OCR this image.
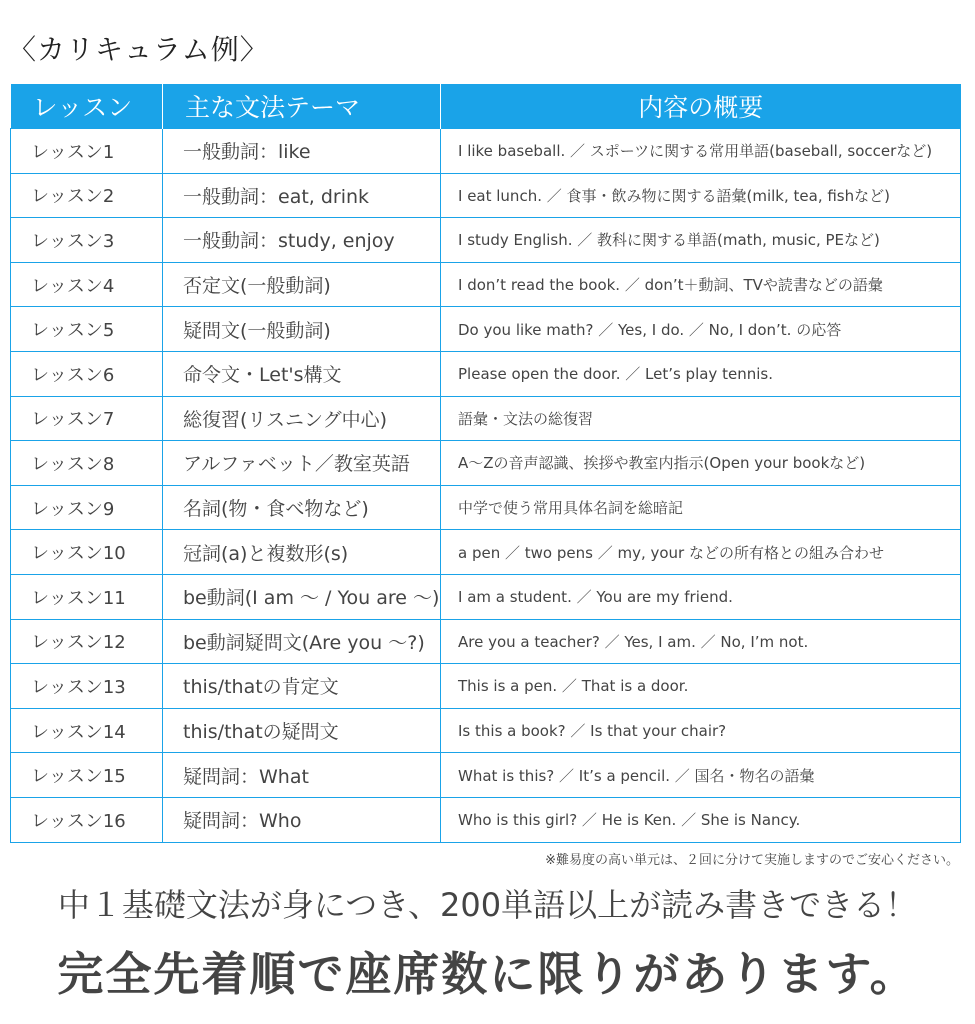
〈カリキュラム例〉
レッスン	主な文法テーマ	内容の概要
レッスン1	一般動詞：like	I like baseball. ／ スポーツに関する常用単語(baseball, soccerなど)
レッスン2	一般動詞：eat, drink	I eat lunch. ／ 食事・飲み物に関する語彙(milk, tea, fishなど)
レッスン3	一般動詞：study, enjoy	I study English. ／ 教科に関する単語(math, music, PEなど)
レッスン4	否定文(一般動詞)	I don’t read the book. ／ don’t＋動詞、TVや読書などの語彙
レッスン5	疑問文(一般動詞)	Do you like math? ／ Yes, I do. ／ No, I don’t. の応答
レッスン6	命令文・Let's構文	Please open the door. ／ Let’s play tennis.
レッスン7	総復習(リスニング中心)	語彙・文法の総復習
レッスン8	アルファベット／教室英語	A～Zの音声認識、挨拶や教室内指示(Open your bookなど)
レッスン9	名詞(物・食べ物など)	中学で使う常用具体名詞を総暗記
レッスン10	冠詞(a)と複数形(s)	a pen ／ two pens ／ my, your などの所有格との組み合わせ
レッスン11	be動詞(I am ～ / You are ～)	I am a student. ／ You are my friend.
レッスン12	be動詞疑問文(Are you ～?)	Are you a teacher? ／ Yes, I am. ／ No, I’m not.
レッスン13	this/thatの肯定文	This is a pen. ／ That is a door.
レッスン14	this/thatの疑問文	Is this a book? ／ Is that your chair?
レッスン15	疑問詞：What	What is this? ／ It’s a pencil. ／ 国名・物名の語彙
レッスン16	疑問詞：Who	Who is this girl? ／ He is Ken. ／ She is Nancy.
※難易度の高い単元は、２回に分けて実施しますのでご安心ください。
中１基礎文法が身につき、200単語以上が読み書きできる！
完全先着順で座席数に限りがあります。
